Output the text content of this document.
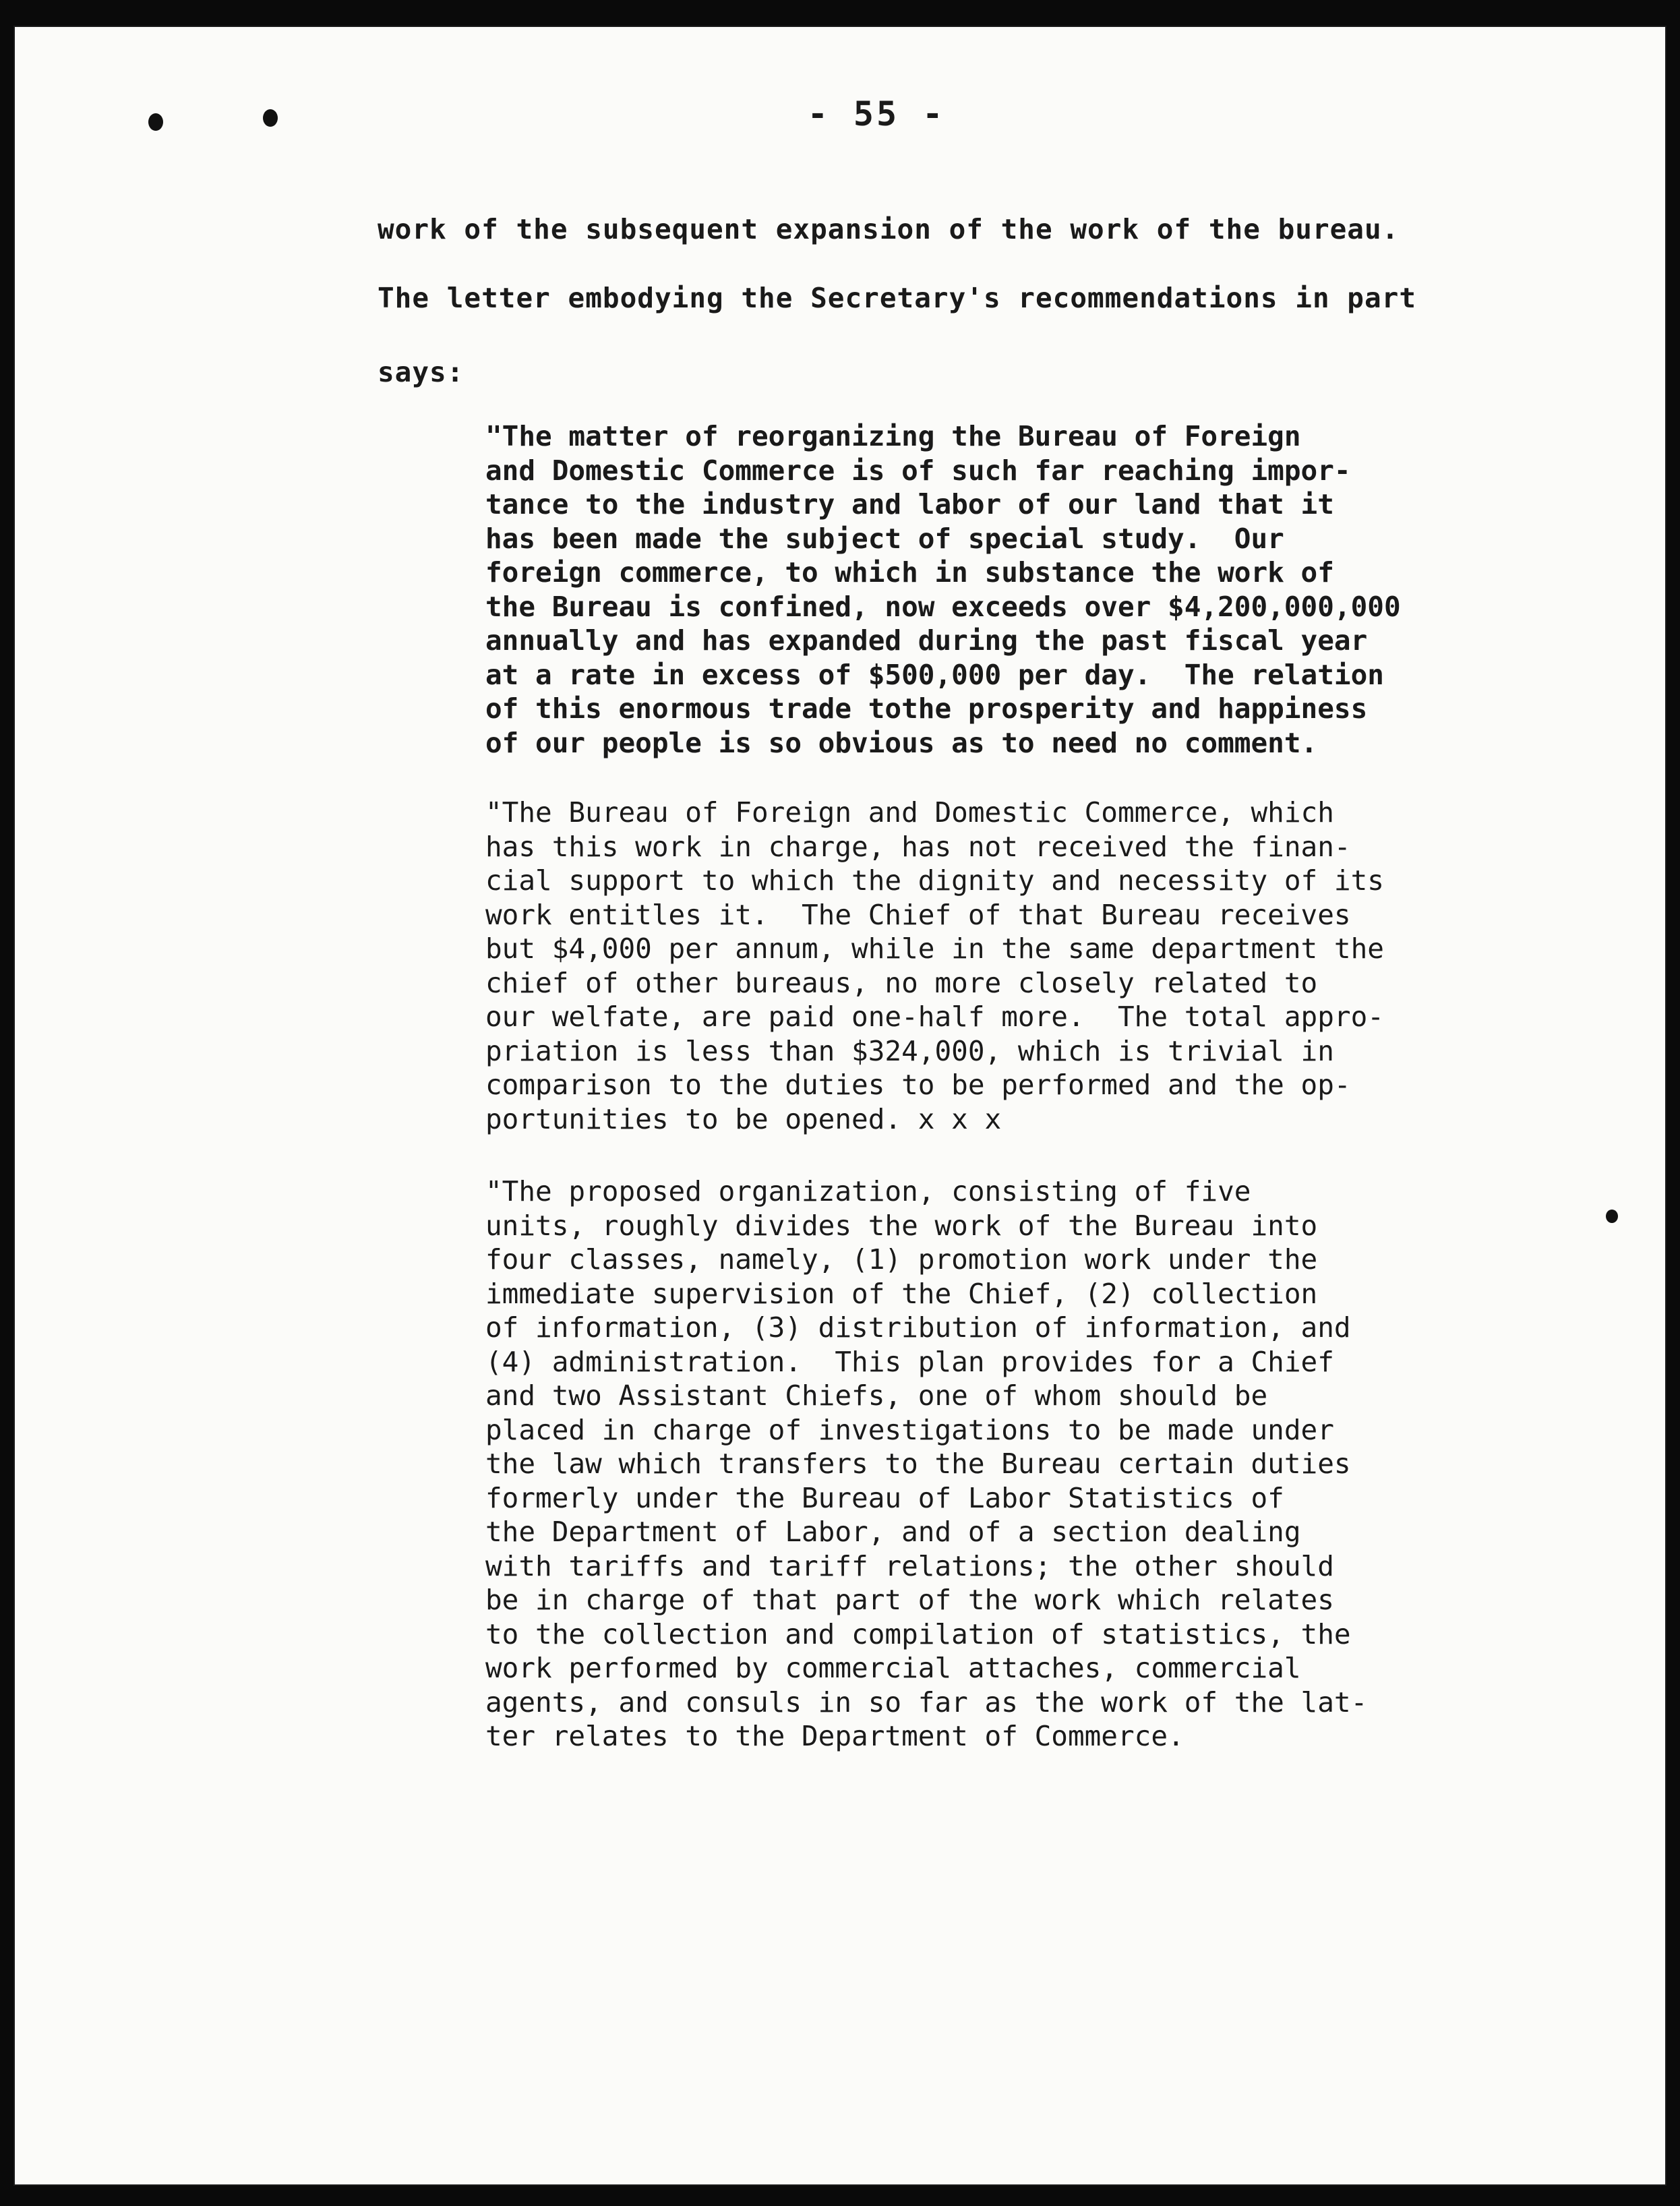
- 55 -
work of the subsequent expansion of the work of the bureau.
The letter embodying the Secretary's recommendations in part
says:
"The matter of reorganizing the Bureau of Foreign
and Domestic Commerce is of such far reaching impor-
tance to the industry and labor of our land that it
has been made the subject of special study.  Our
foreign commerce, to which in substance the work of
the Bureau is confined, now exceeds over $4,200,000,000
annually and has expanded during the past fiscal year
at a rate in excess of $500,000 per day.  The relation
of this enormous trade tothe prosperity and happiness
of our people is so obvious as to need no comment.
"The Bureau of Foreign and Domestic Commerce, which
has this work in charge, has not received the finan-
cial support to which the dignity and necessity of its
work entitles it.  The Chief of that Bureau receives
but $4,000 per annum, while in the same department the
chief of other bureaus, no more closely related to
our welfate, are paid one-half more.  The total appro-
priation is less than $324,000, which is trivial in
comparison to the duties to be performed and the op-
portunities to be opened. x x x
"The proposed organization, consisting of five
units, roughly divides the work of the Bureau into
four classes, namely, (1) promotion work under the
immediate supervision of the Chief, (2) collection
of information, (3) distribution of information, and
(4) administration.  This plan provides for a Chief
and two Assistant Chiefs, one of whom should be
placed in charge of investigations to be made under
the law which transfers to the Bureau certain duties
formerly under the Bureau of Labor Statistics of
the Department of Labor, and of a section dealing
with tariffs and tariff relations; the other should
be in charge of that part of the work which relates
to the collection and compilation of statistics, the
work performed by commercial attaches, commercial
agents, and consuls in so far as the work of the lat-
ter relates to the Department of Commerce.
